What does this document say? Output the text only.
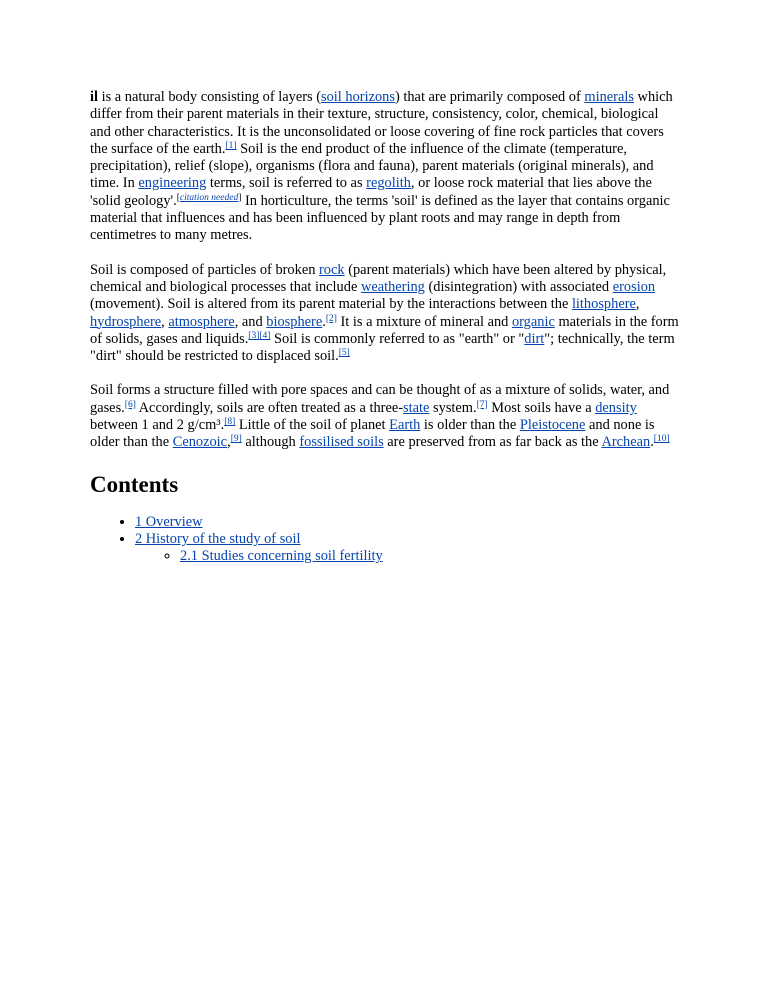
il is a natural body consisting of layers (soil horizons) that are primarily composed of minerals which differ from their parent materials in their texture, structure, consistency, color, chemical, biological and other characteristics. It is the unconsolidated or loose covering of fine rock particles that covers the surface of the earth.[1] Soil is the end product of the influence of the climate (temperature, precipitation), relief (slope), organisms (flora and fauna), parent materials (original minerals), and time. In engineering terms, soil is referred to as regolith, or loose rock material that lies above the 'solid geology'.[citation needed] In horticulture, the terms 'soil' is defined as the layer that contains organic material that influences and has been influenced by plant roots and may range in depth from centimetres to many metres.

Soil is composed of particles of broken rock (parent materials) which have been altered by physical, chemical and biological processes that include weathering (disintegration) with associated erosion (movement). Soil is altered from its parent material by the interactions between the lithosphere, hydrosphere, atmosphere, and biosphere.[2] It is a mixture of mineral and organic materials in the form of solids, gases and liquids.[3][4] Soil is commonly referred to as "earth" or "dirt"; technically, the term "dirt" should be restricted to displaced soil.[5]

Soil forms a structure filled with pore spaces and can be thought of as a mixture of solids, water, and gases.[6] Accordingly, soils are often treated as a three-state system.[7] Most soils have a density between 1 and 2 g/cm³.[8] Little of the soil of planet Earth is older than the Pleistocene and none is older than the Cenozoic,[9] although fossilised soils are preserved from as far back as the Archean.[10]

Contents
• 1 Overview
• 2 History of the study of soil
◦ 2.1 Studies concerning soil fertility
